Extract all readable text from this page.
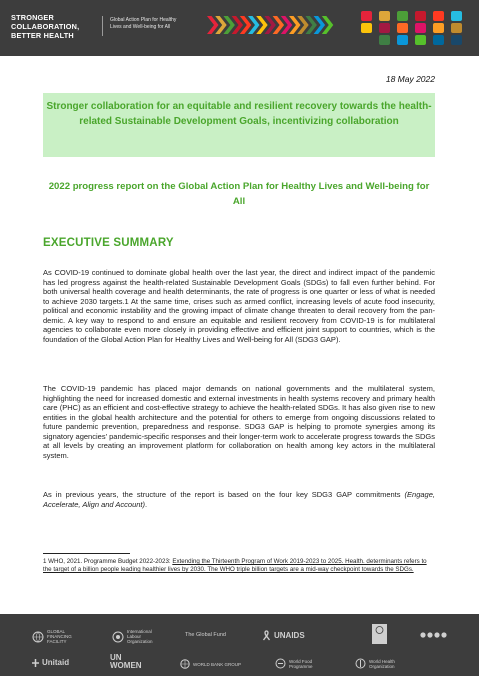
STRONGER
COLLABORATION,
BETTER HEALTH
Global Action Plan for Healthy
Lives and Well-being for All
18 May 2022
Stronger collaboration for an equitable and resilient recovery towards the health-related Sustainable Development Goals, incentivizing collaboration
2022 progress report on the Global Action Plan for Healthy Lives and Well-being for All
EXECUTIVE SUMMARY
As COVID-19 continued to dominate global health over the last year, the direct and indirect impact of the pandemic has led progress against the health-related Sustainable Development Goals (SDGs) to fall even further behind. For both universal health coverage and health determinants, the rate of progress is one quarter or less of what is needed to achieve 2030 targets.1 At the same time, crises such as armed conflict, increasing levels of acute food insecurity, political and economic instability and the growing impact of climate change threaten to derail recovery from the pan- demic. A key way to respond to and ensure an equitable and resilient recovery from COVID-19 is for multilateral agencies to collaborate even more closely in providing effective and efficient joint support to countries, which is the foundation of the Global Action Plan for Healthy Lives and Well-being for All (SDG3 GAP).
The COVID-19 pandemic has placed major demands on national governments and the multilateral system, highlighting the need for increased domestic and external investments in health systems recovery and primary health care (PHC) as an efficient and cost-effective strategy to achieve the health-related SDGs. It has also given rise to new entities in the global health architecture and the potential for others to emerge from ongoing discussions related to future pandemic prevention, preparedness and response. SDG3 GAP is helping to promote synergies among its signatory agencies' pandemic-specific responses and their longer-term work to accelerate progress towards the SDGs at all levels by creating an improvement platform for collaboration on health among key actors in the multilateral system.
As in previous years, the structure of the report is based on the four key SDG3 GAP commitments (Engage, Accelerate, Align and Account).
1 WHO, 2021. Programme Budget 2022-2023: Extending the Thirteenth Program of Work 2019-2023 to 2025. Health. determinants refers to the target of a billion people leading healthier lives by 2030. The WHO triple billion targets are a mid-way checkpoint towards the SDGs.
GLOBAL FINANCING FACILITY
International Labour Organization
The Global Fund	UNAIDS
Unitaid
UN WOMEN	WORLD BANK GROUP
World Food Programme
World Health Organization
